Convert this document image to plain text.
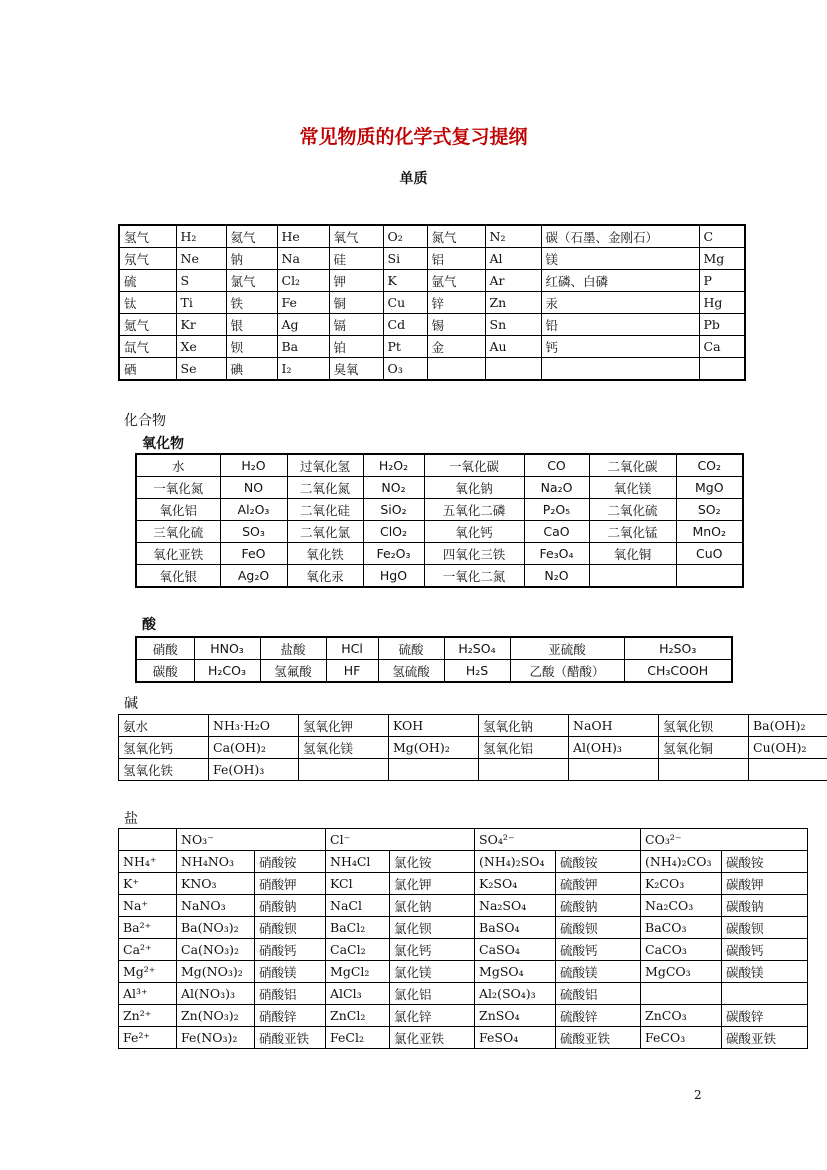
常见物质的化学式复习提纲
单质
氢气	H₂	氦气	He	氧气	O₂	氮气	N₂	碳（石墨、金刚石）	C
氖气	Ne	钠	Na	硅	Si	铝	Al	镁	Mg
硫	S	氯气	Cl₂	钾	K	氩气	Ar	红磷、白磷	P
钛	Ti	铁	Fe	铜	Cu	锌	Zn	汞	Hg
氪气	Kr	银	Ag	镉	Cd	锡	Sn	铅	Pb
氙气	Xe	钡	Ba	铂	Pt	金	Au	钙	Ca
硒	Se	碘	I₂	臭氧	O₃				
化合物
氧化物
水	H₂O	过氧化氢	H₂O₂	一氧化碳	CO	二氧化碳	CO₂
一氧化氮	NO	二氧化氮	NO₂	氧化钠	Na₂O	氧化镁	MgO
氧化铝	Al₂O₃	二氧化硅	SiO₂	五氧化二磷	P₂O₅	二氧化硫	SO₂
三氧化硫	SO₃	二氧化氯	ClO₂	氧化钙	CaO	二氧化锰	MnO₂
氧化亚铁	FeO	氧化铁	Fe₂O₃	四氧化三铁	Fe₃O₄	氧化铜	CuO
氧化银	Ag₂O	氧化汞	HgO	一氧化二氮	N₂O		
酸
硝酸	HNO₃	盐酸	HCl	硫酸	H₂SO₄	亚硫酸	H₂SO₃
碳酸	H₂CO₃	氢氟酸	HF	氢硫酸	H₂S	乙酸（醋酸）	CH₃COOH
碱
氨水	NH₃·H₂O	氢氧化钾	KOH	氢氧化钠	NaOH	氢氧化钡	Ba(OH)₂
氢氧化钙	Ca(OH)₂	氢氧化镁	Mg(OH)₂	氢氧化铝	Al(OH)₃	氢氧化铜	Cu(OH)₂
氢氧化铁	Fe(OH)₃						
盐
	NO₃⁻		Cl⁻		SO₄²⁻		CO₃²⁻	
NH₄⁺	NH₄NO₃	硝酸铵	NH₄Cl	氯化铵	(NH₄)₂SO₄	硫酸铵	(NH₄)₂CO₃	碳酸铵
K⁺	KNO₃	硝酸钾	KCl	氯化钾	K₂SO₄	硫酸钾	K₂CO₃	碳酸钾
Na⁺	NaNO₃	硝酸钠	NaCl	氯化钠	Na₂SO₄	硫酸钠	Na₂CO₃	碳酸钠
Ba²⁺	Ba(NO₃)₂	硝酸钡	BaCl₂	氯化钡	BaSO₄	硫酸钡	BaCO₃	碳酸钡
Ca²⁺	Ca(NO₃)₂	硝酸钙	CaCl₂	氯化钙	CaSO₄	硫酸钙	CaCO₃	碳酸钙
Mg²⁺	Mg(NO₃)₂	硝酸镁	MgCl₂	氯化镁	MgSO₄	硫酸镁	MgCO₃	碳酸镁
Al³⁺	Al(NO₃)₃	硝酸铝	AlCl₃	氯化铝	Al₂(SO₄)₃	硫酸铝		
Zn²⁺	Zn(NO₃)₂	硝酸锌	ZnCl₂	氯化锌	ZnSO₄	硫酸锌	ZnCO₃	碳酸锌
Fe²⁺	Fe(NO₃)₂	硝酸亚铁	FeCl₂	氯化亚铁	FeSO₄	硫酸亚铁	FeCO₃	碳酸亚铁
2
